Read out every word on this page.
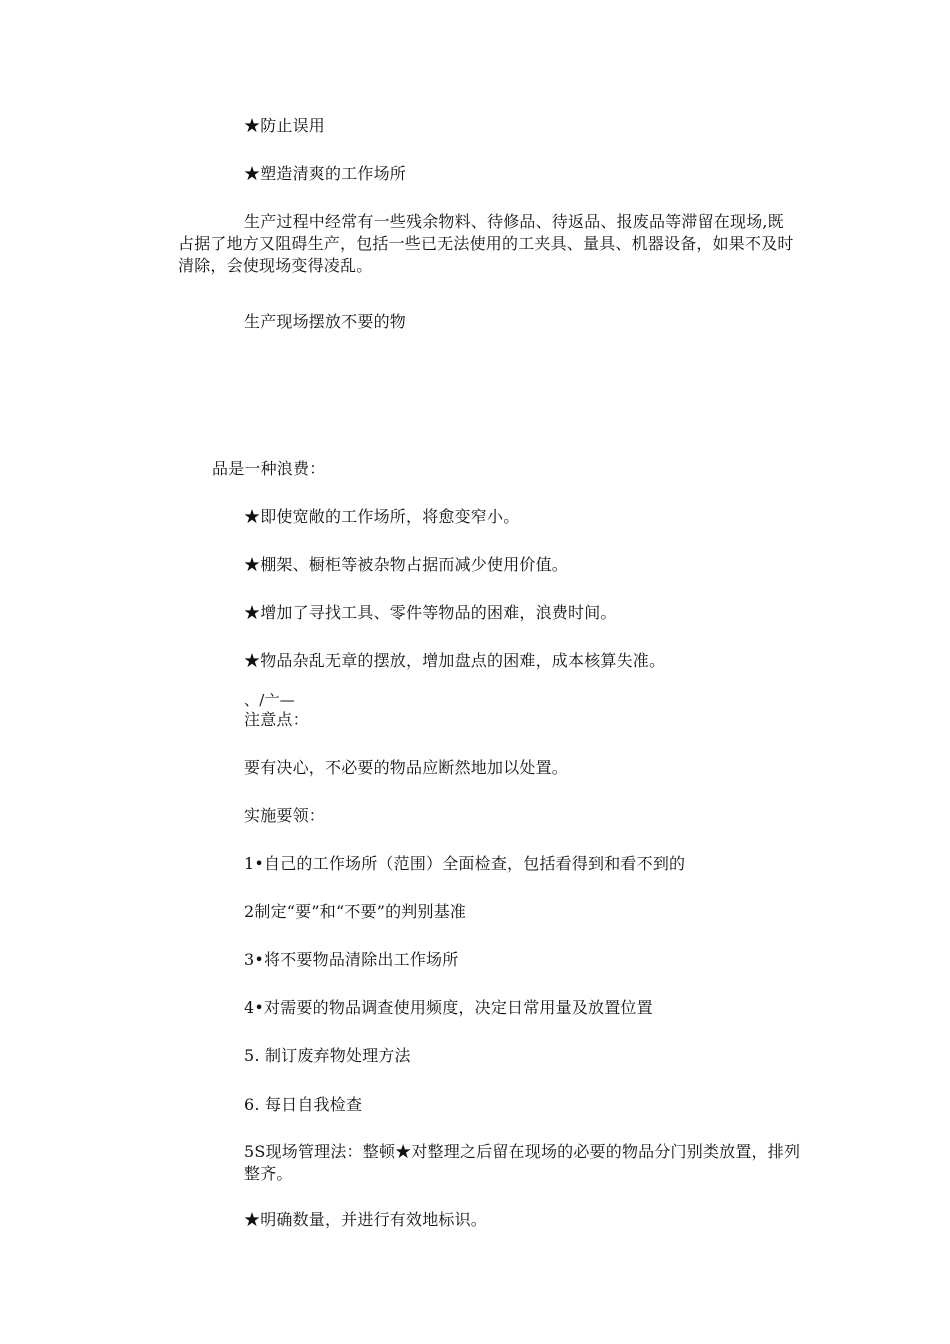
★防止误用
★塑造清爽的工作场所
生产过程中经常有一些残余物料、待修品、待返品、报废品等滞留在现场,既占据了地方又阻碍生产，包括一些已无法使用的工夹具、量具、机器设备，如果不及时清除，会使现场变得凌乱。
生产现场摆放不要的物
品是一种浪费：
★即使宽敞的工作场所，将愈变窄小。
★棚架、橱柜等被杂物占据而减少使用价值。
★增加了寻找工具、零件等物品的困难，浪费时间。
★物品杂乱无章的摆放，增加盘点的困难，成本核算失准。
、/亠—
注意点：
要有决心，不必要的物品应断然地加以处置。
实施要领：
1•自己的工作场所（范围）全面检查，包括看得到和看不到的
2制定“要”和“不要”的判别基准
3•将不要物品清除出工作场所
4•对需要的物品调查使用频度，决定日常用量及放置位置
5. 制订废弃物处理方法
6. 每日自我检查
5S现场管理法：整顿★对整理之后留在现场的必要的物品分门别类放置，排列整齐。
★明确数量，并进行有效地标识。
